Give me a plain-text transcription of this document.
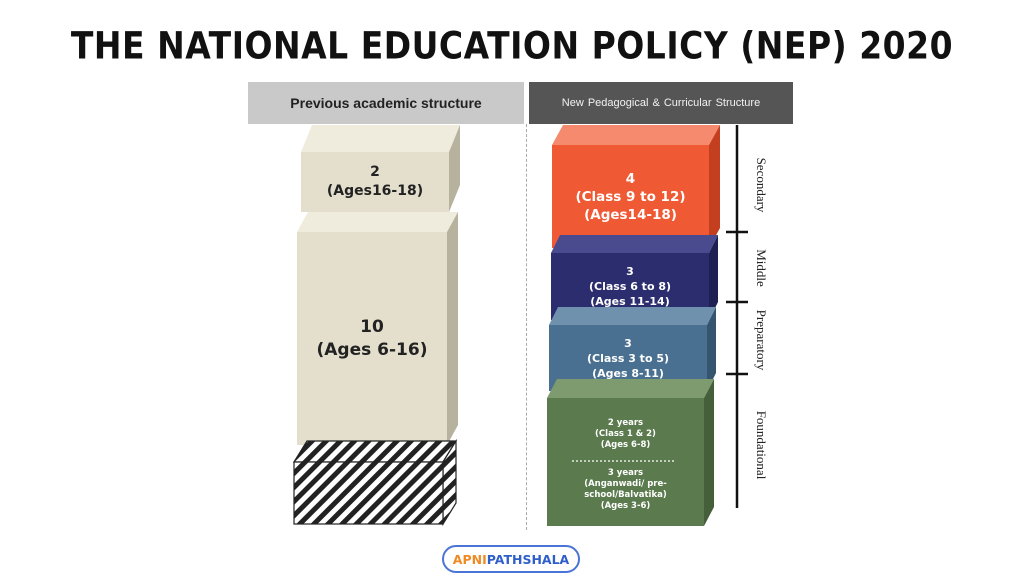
THE NATIONAL EDUCATION POLICY (NEP) 2020
Previous academic structure	New Pedagogical & Curricular Structure
2
(Ages16-18)
10
(Ages 6-16)
4
(Class 9 to 12)
(Ages14-18)
3
(Class 6 to 8)
(Ages 11-14)
3
(Class 3 to 5)
(Ages 8-11)
2 years
(Class 1 & 2)
(Ages 6-8)
3 years
(Anganwadi/ pre-
school/Balvatika)
(Ages 3-6)
Secondary
Middle
Preparatory
Foundational
APNI PATHSHALA
